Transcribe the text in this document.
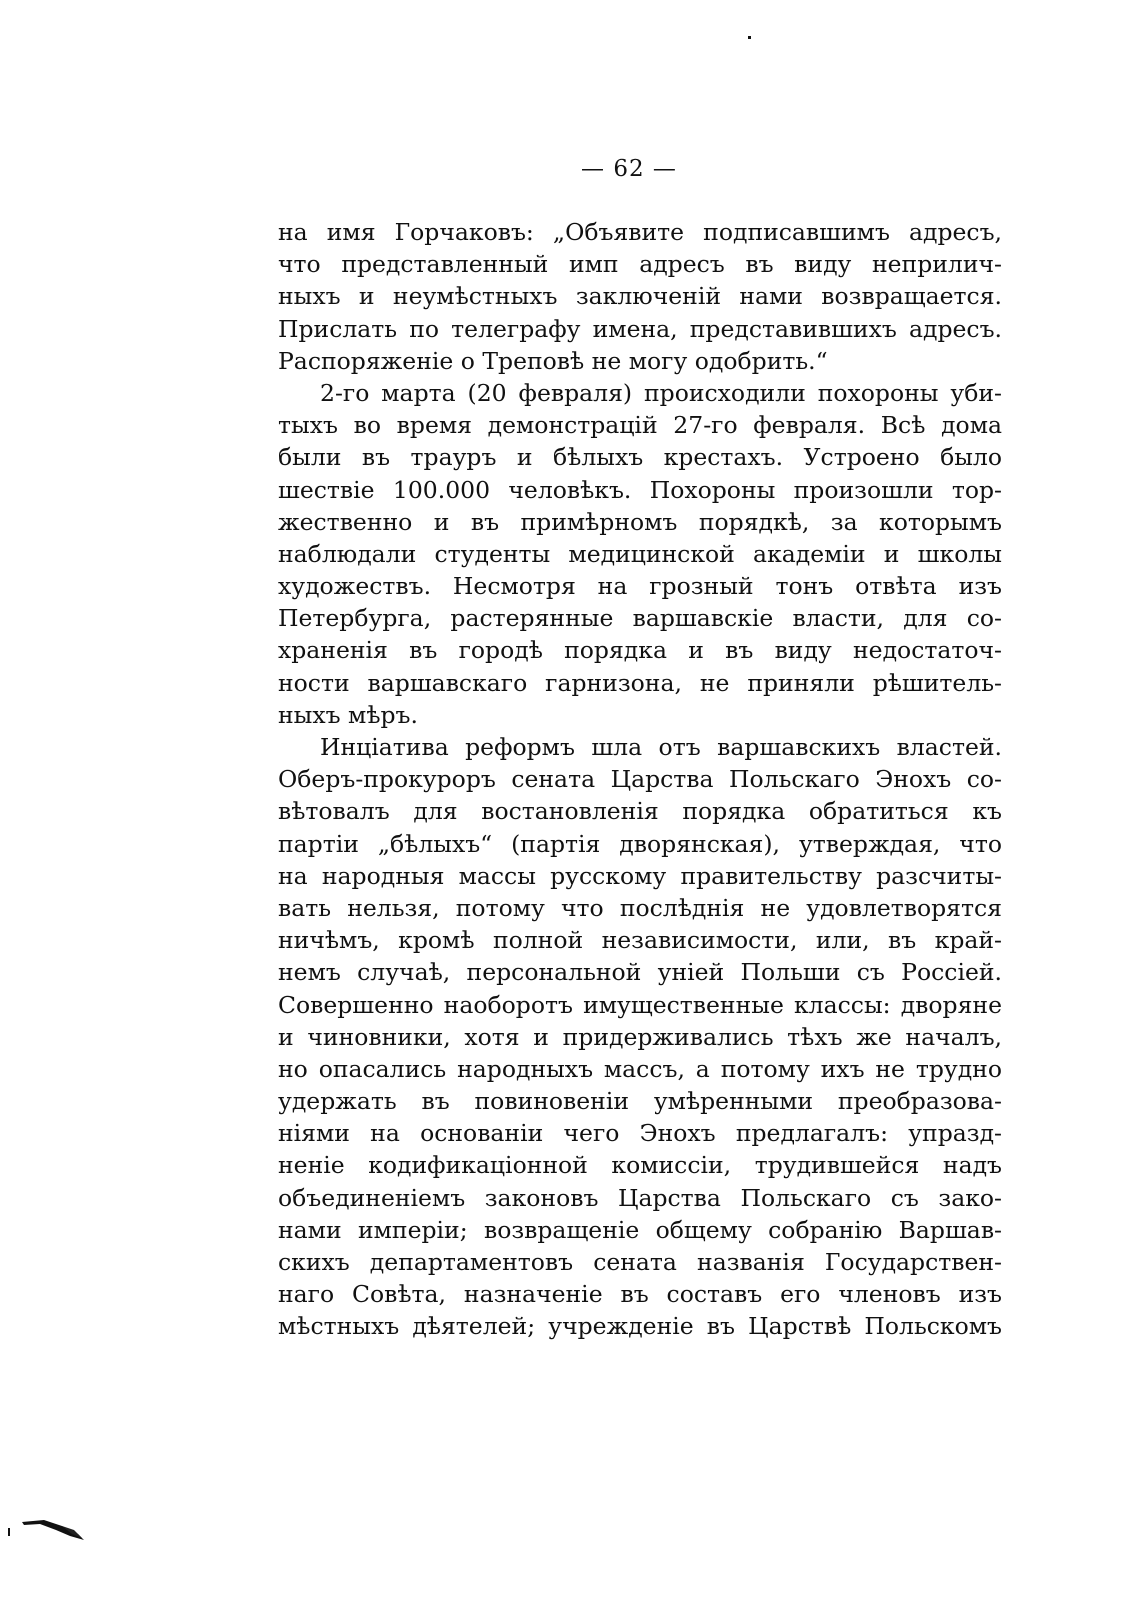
— 62 —
на имя Горчаковъ: „Объявите подписавшимъ адресъ,
что представленный имп адресъ въ виду неприлич-
ныхъ и неумѣстныхъ заключенiй нами возвращается.
Прислать по телеграфу имена, представившихъ адресъ.
Распоряженiе о Треповѣ не могу одобрить.“
2-го марта (20 февраля) происходили похороны уби-
тыхъ во время демонстрацiй 27-го февраля. Всѣ дома
были въ трауръ и бѣлыхъ крестахъ. Устроено было
шествiе 100.000 человѣкъ. Похороны произошли тор-
жественно и въ примѣрномъ порядкѣ, за которымъ
наблюдали студенты медицинской академiи и школы
художествъ. Несмотря на грозный тонъ отвѣта изъ
Петербурга, растерянные варшавскiе власти, для со-
храненiя въ городѣ порядка и въ виду недостаточ-
ности варшавскаго гарнизона, не приняли рѣшитель-
ныхъ мѣръ.
Инцiатива реформъ шла отъ варшавскихъ властей.
Оберъ-прокуроръ сената Царства Польскаго Энохъ со-
вѣтовалъ для востановленiя порядка обратиться къ
партiи „бѣлыхъ“ (партiя дворянская), утверждая, что
на народныя массы русскому правительству разсчиты-
вать нельзя, потому что послѣднiя не удовлетворятся
ничѣмъ, кромѣ полной независимости, или, въ край-
немъ случаѣ, персональной унiей Польши съ Россiей.
Совершенно наоборотъ имущественные классы: дворяне
и чиновники, хотя и придерживались тѣхъ же началъ,
но опасались народныхъ массъ, а потому ихъ не трудно
удержать въ повиновенiи умѣренными преобразова-
нiями на основанiи чего Энохъ предлагалъ: упразд-
ненiе кодификацiонной комиссiи, трудившейся надъ
объединенiемъ законовъ Царства Польскаго съ зако-
нами имперiи; возвращенiе общему собранiю Варшав-
скихъ департаментовъ сената названiя Государствен-
наго Совѣта, назначенiе въ составъ его членовъ изъ
мѣстныхъ дѣятелей; учрежденiе въ Царствѣ Польскомъ
